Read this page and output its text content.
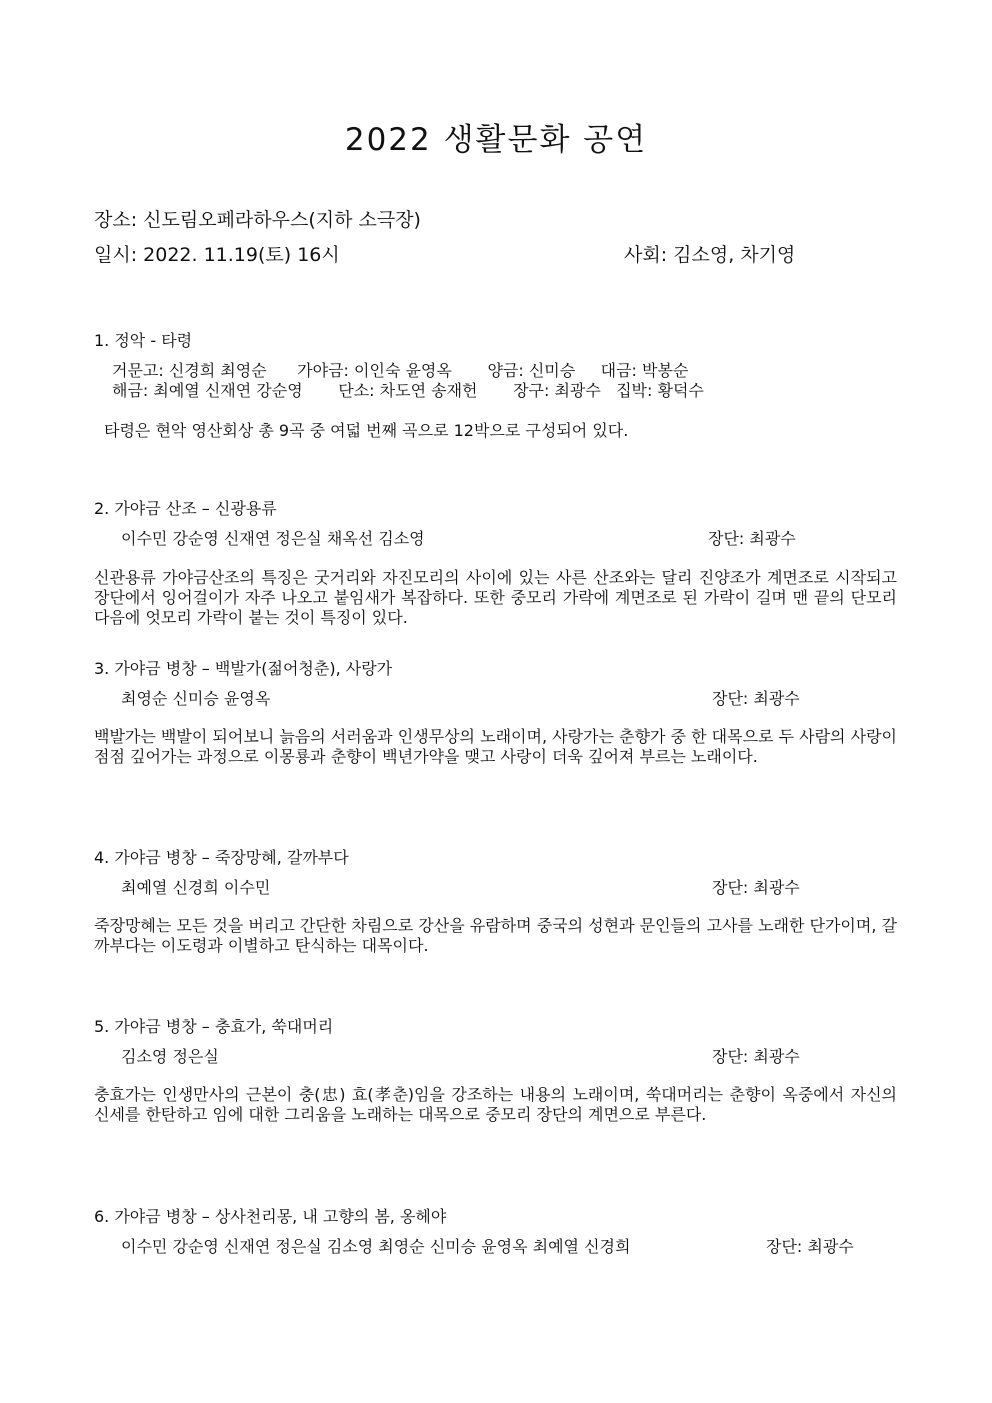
2022 생활문화 공연
장소: 신도림오페라하우스(지하 소극장)
일시: 2022. 11.19(토) 16시	사회: 김소영, 차기영
1. 정악 - 타령
거문고: 신경희 최영순      가야금: 이인숙 윤영옥       양금: 신미승     대금: 박봉순
해금: 최예열 신재연 강순영       단소: 차도연 송재헌       장구: 최광수   집박: 황덕수
타령은 현악 영산회상 총 9곡 중 여덟 번째 곡으로 12박으로 구성되어 있다.
2. 가야금 산조 – 신광용류
이수민 강순영 신재연 정은실 채옥선 김소영	장단: 최광수
신관용류 가야금산조의 특징은 굿거리와 자진모리의 사이에 있는 사른 산조와는 달리 진양조가 계면조로 시작되고 장단에서 잉어걸이가 자주 나오고 붙임새가 복잡하다. 또한 중모리 가락에 계면조로 된 가락이 길며 맨 끝의 단모리 다음에 엇모리 가락이 붙는 것이 특징이 있다.
3. 가야금 병창 – 백발가(젊어청춘), 사랑가
최영순 신미승 윤영옥	장단: 최광수
백발가는 백발이 되어보니 늙음의 서러움과 인생무상의 노래이며, 사랑가는 춘향가 중 한 대목으로 두 사람의 사랑이 점점 깊어가는 과정으로 이몽룡과 춘향이 백년가약을 맺고 사랑이 더욱 깊어져 부르는 노래이다.
4. 가야금 병창 – 죽장망혜, 갈까부다
최예열 신경희 이수민	장단: 최광수
죽장망혜는 모든 것을 버리고 간단한 차림으로 강산을 유람하며 중국의 성현과 문인들의 고사를 노래한 단가이며, 갈까부다는 이도령과 이별하고 탄식하는 대목이다.
5. 가야금 병창 – 충효가, 쑥대머리
김소영 정은실	장단: 최광수
충효가는 인생만사의 근본이 충(忠) 효(孝춘)임을 강조하는 내용의 노래이며, 쑥대머리는 춘향이 옥중에서 자신의 신세를 한탄하고 임에 대한 그리움을 노래하는 대목으로 중모리 장단의 계면으로 부른다.
6. 가야금 병창 – 상사천리몽, 내 고향의 봄, 옹헤야
이수민 강순영 신재연 정은실 김소영 최영순 신미승 윤영옥 최예열 신경희	장단: 최광수
